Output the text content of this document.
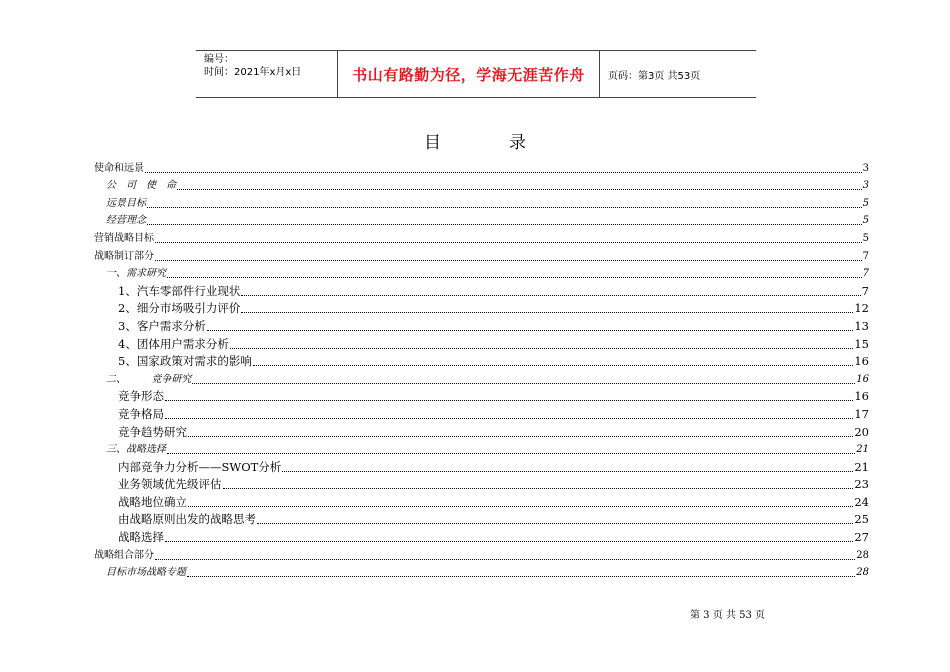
编号：
时间：2021年x月x日	书山有路勤为径，学海无涯苦作舟	页码：第3页 共53页
目	录
使命和远景	3
公　司　使　命	3
远景目标	5
经营理念	5
营销战略目标	5
战略制订部分	7
一、需求研究	7
1、汽车零部件行业现状	7
2、细分市场吸引力评价	12
3、客户需求分析	13
4、团体用户需求分析	15
5、国家政策对需求的影响	16
二、        竞争研究	16
竞争形态	16
竞争格局	17
竞争趋势研究	20
三、战略选择	21
内部竞争力分析——SWOT分析	21
业务领域优先级评估	23
战略地位确立	24
由战略原则出发的战略思考	25
战略选择	27
战略组合部分	28
目标市场战略专题	28
第 3 页 共 53 页
